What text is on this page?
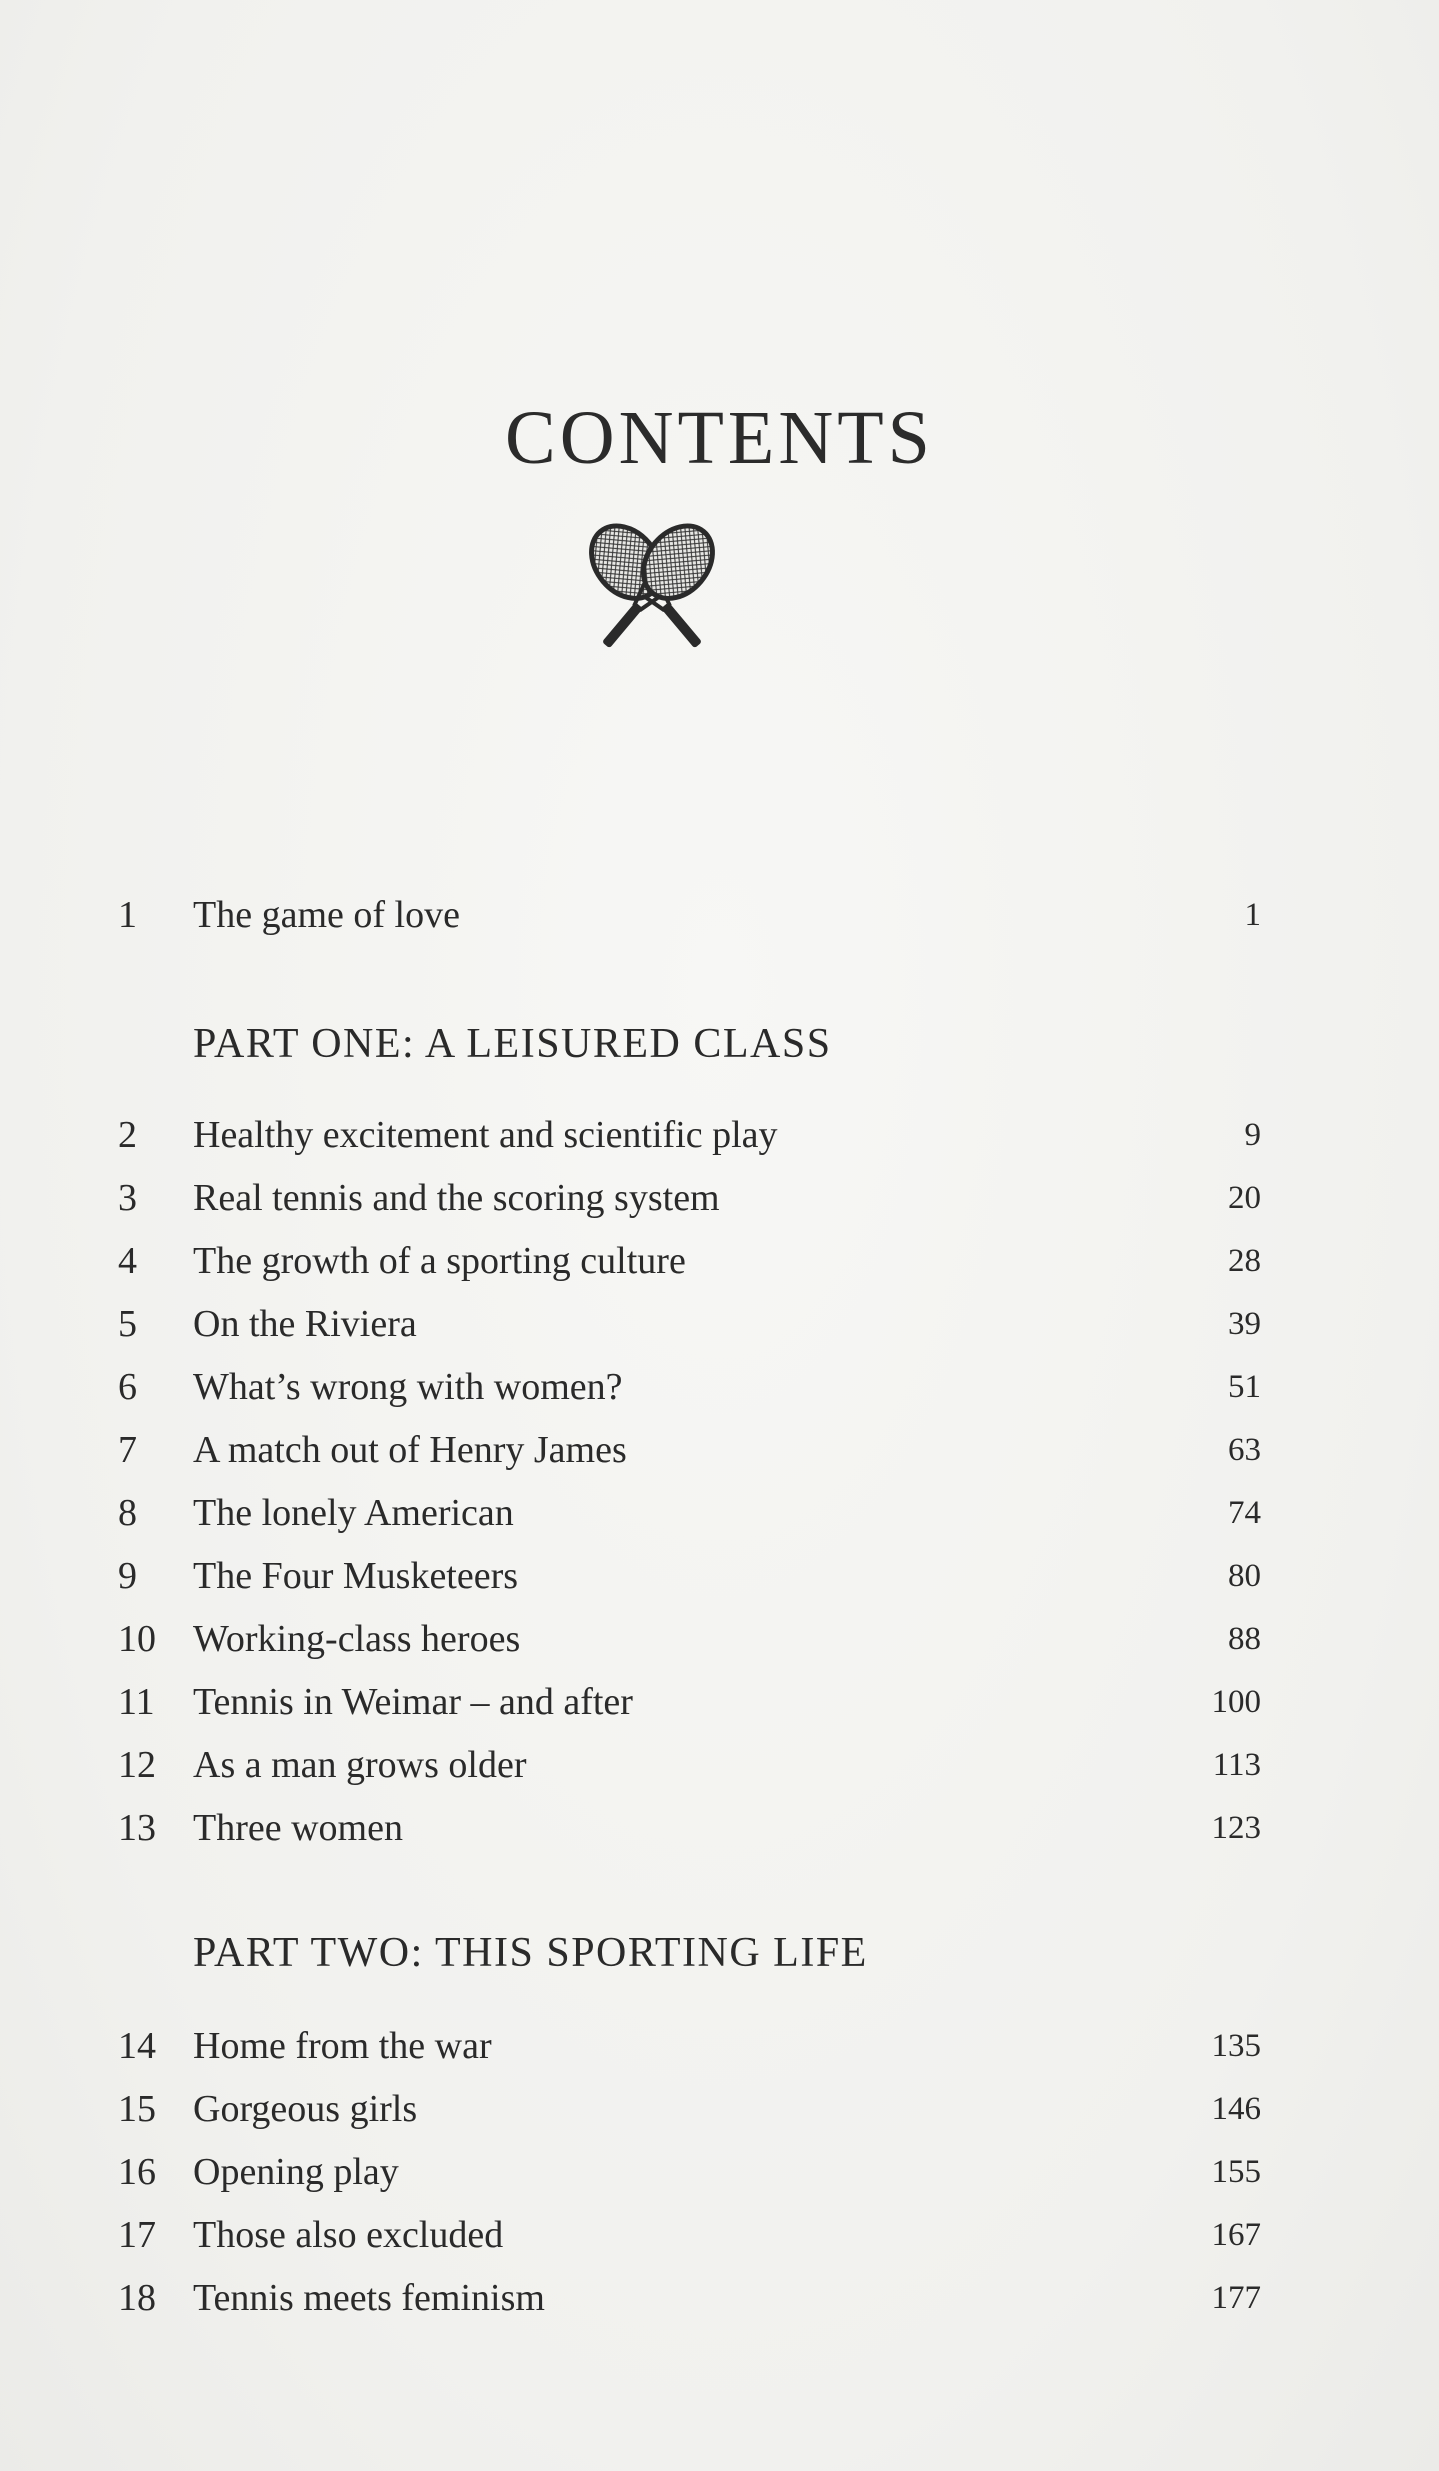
CONTENTS
1	The game of love	1
PART ONE: A LEISURED CLASS
2	Healthy excitement and scientific play	9
3	Real tennis and the scoring system	20
4	The growth of a sporting culture	28
5	On the Riviera	39
6	What’s wrong with women?	51
7	A match out of Henry James	63
8	The lonely American	74
9	The Four Musketeers	80
10 Working-class heroes	88
11	Tennis in Weimar – and after	100
12 As a man grows older	113
13 Three women	123
PART TWO: THIS SPORTING LIFE
14 Home from the war	135
15 Gorgeous girls	146
16 Opening play	155
17 Those also excluded	167
18 Tennis meets feminism	177
